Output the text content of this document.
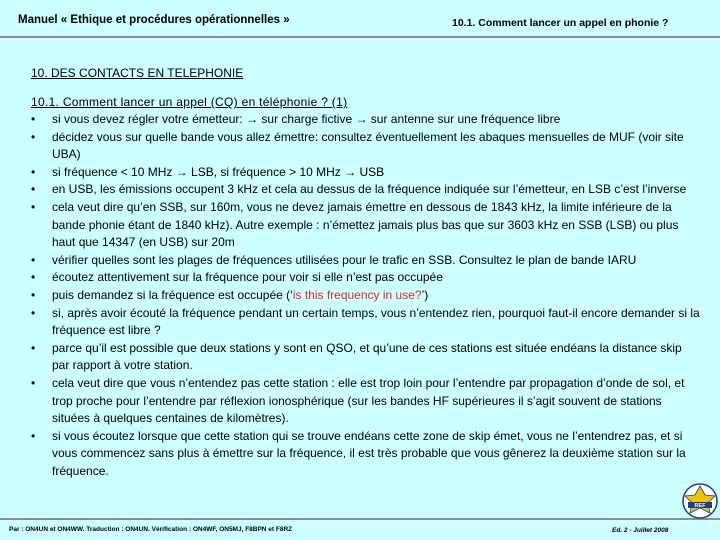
Manuel « Ethique et procédures opérationnelles »	10.1. Comment lancer un appel en phonie ?
10. DES CONTACTS EN TELEPHONIE
10.1. Comment lancer un appel (CQ) en téléphonie ? (1)
• si vous devez régler votre émetteur: → sur charge fictive → sur antenne sur une fréquence libre
• décidez vous sur quelle bande vous allez émettre: consultez éventuellement les abaques mensuelles de MUF (voir site UBA)
• si fréquence < 10 MHz → LSB, si fréquence > 10 MHz → USB
• en USB, les émissions occupent 3 kHz et cela au dessus de la fréquence indiquée sur l’émetteur, en LSB c’est l’inverse
• cela veut dire qu’en SSB, sur 160m, vous ne devez jamais émettre en dessous de 1843 kHz, la limite inférieure de la bande phonie étant de 1840 kHz). Autre exemple : n’émettez jamais plus bas que sur 3603 kHz en SSB (LSB) ou plus haut que 14347 (en USB) sur 20m
• vérifier quelles sont les plages de fréquences utilisées pour le trafic en SSB. Consultez le plan de bande IARU
• écoutez attentivement sur la fréquence pour voir si elle n’est pas occupée
• puis demandez si la fréquence est occupée (‘is this frequency in use?’)
• si, après avoir écouté la fréquence pendant un certain temps, vous n’entendez rien, pourquoi faut-il encore demander si la fréquence est libre ?
• parce qu’il est possible que deux stations y sont en QSO, et qu’une de ces stations est située endéans la distance skip par rapport à votre station.
• cela veut dire que vous n’entendez pas cette station : elle est trop loin pour l’entendre par propagation d’onde de sol, et trop proche pour l’entendre par réflexion ionosphérique (sur les bandes HF supérieures il s’agit souvent de stations situées à quelques centaines de kilomètres).
• si vous écoutez lorsque que cette station qui se trouve endéans cette zone de skip émet, vous ne l’entendrez pas, et si vous commencez sans plus à émettre sur la fréquence, il est très probable que vous gênerez la deuxième station sur la fréquence.
Par : ON4UN et ON4WW. Traduction : ON4UN. Vérification : ON4WF, ON5MJ, F8BPN et F8RZ	Ed. 2 - Juillet 2008
REF
